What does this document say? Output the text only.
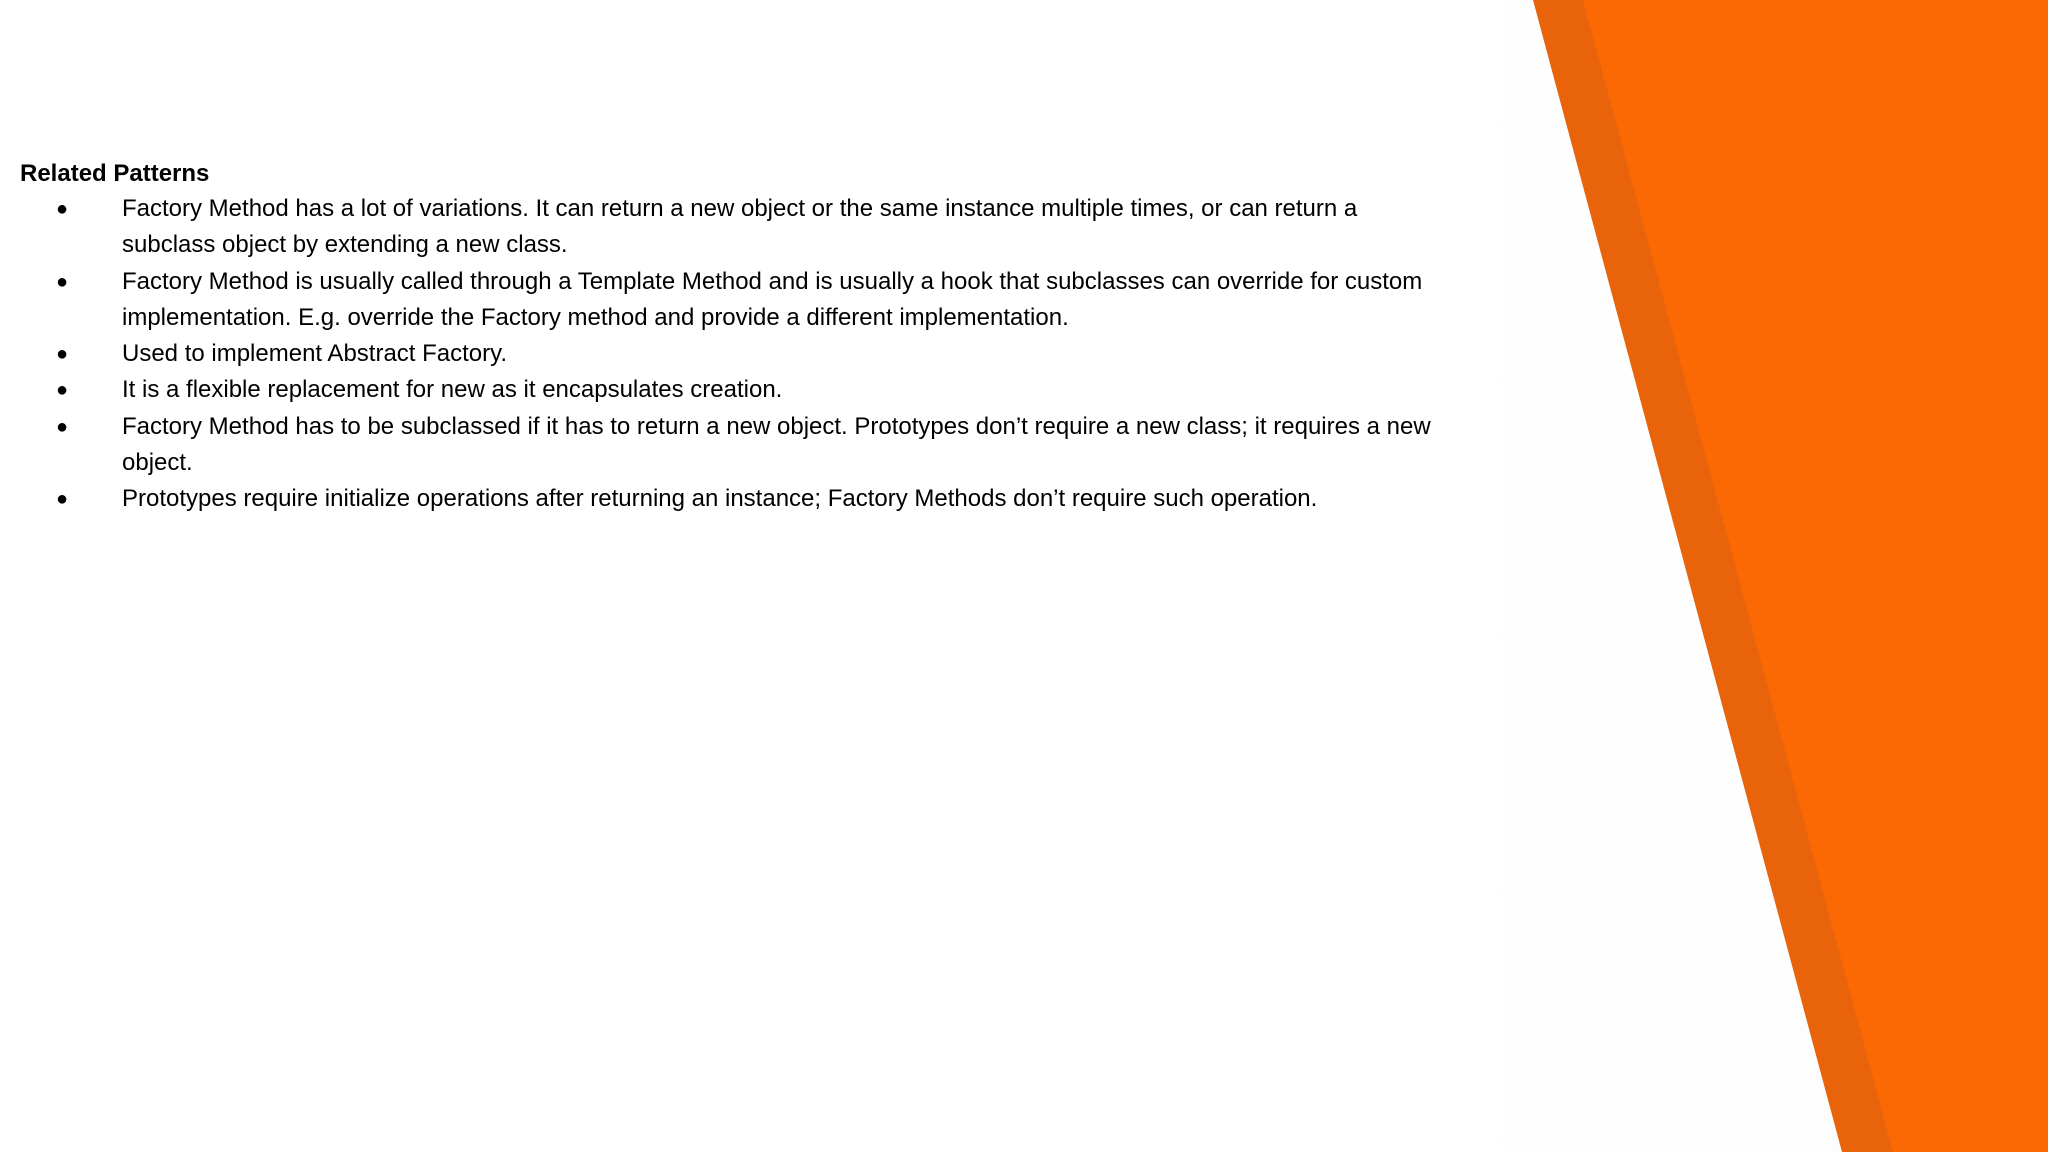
Related Patterns

● Factory Method has a lot of variations. It can return a new object or the same instance multiple times, or can return a subclass object by extending a new class.
● Factory Method is usually called through a Template Method and is usually a hook that subclasses can override for custom implementation. E.g. override the Factory method and provide a different implementation.
● Used to implement Abstract Factory.
● It is a flexible replacement for new as it encapsulates creation.
● Factory Method has to be subclassed if it has to return a new object. Prototypes don’t require a new class; it requires a new object.
● Prototypes require initialize operations after returning an instance; Factory Methods don’t require such operation.
